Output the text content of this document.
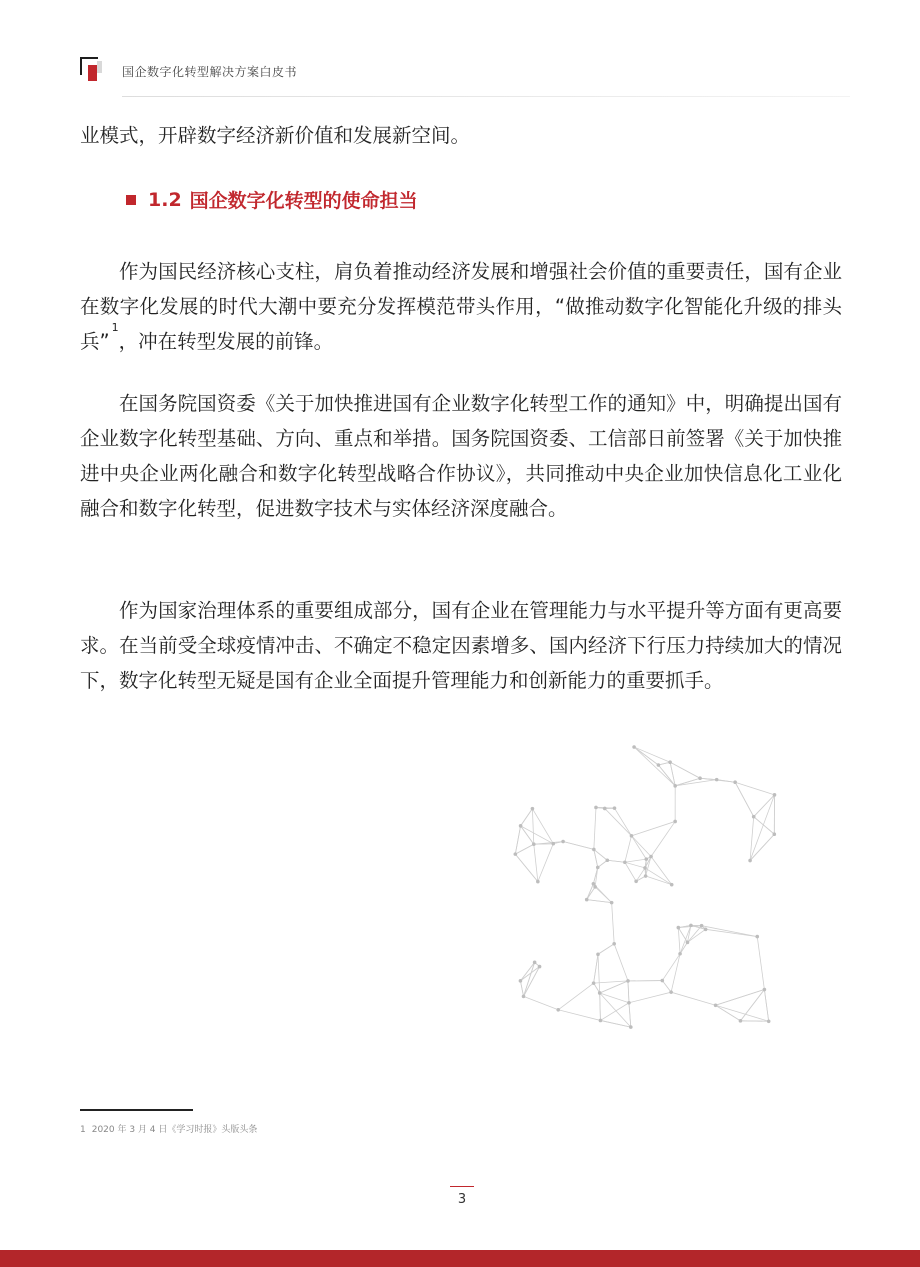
国企数字化转型解决方案白皮书
业模式，开辟数字经济新价值和发展新空间。
1.2 国企数字化转型的使命担当
作为国民经济核心支柱，肩负着推动经济发展和增强社会价值的重要责任，国有企业在数字化发展的时代大潮中要充分发挥模范带头作用，“做推动数字化智能化升级的排头兵”$^1$，冲在转型发展的前锋。
在国务院国资委《关于加快推进国有企业数字化转型工作的通知》中，明确提出国有企业数字化转型基础、方向、重点和举措。国务院国资委、工信部日前签署《关于加快推进中央企业两化融合和数字化转型战略合作协议》，共同推动中央企业加快信息化工业化融合和数字化转型，促进数字技术与实体经济深度融合。
作为国家治理体系的重要组成部分，国有企业在管理能力与水平提升等方面有更高要求。在当前受全球疫情冲击、不确定不稳定因素增多、国内经济下行压力持续加大的情况下，数字化转型无疑是国有企业全面提升管理能力和创新能力的重要抓手。
1 2020 年 3 月 4 日《学习时报》头版头条
3
